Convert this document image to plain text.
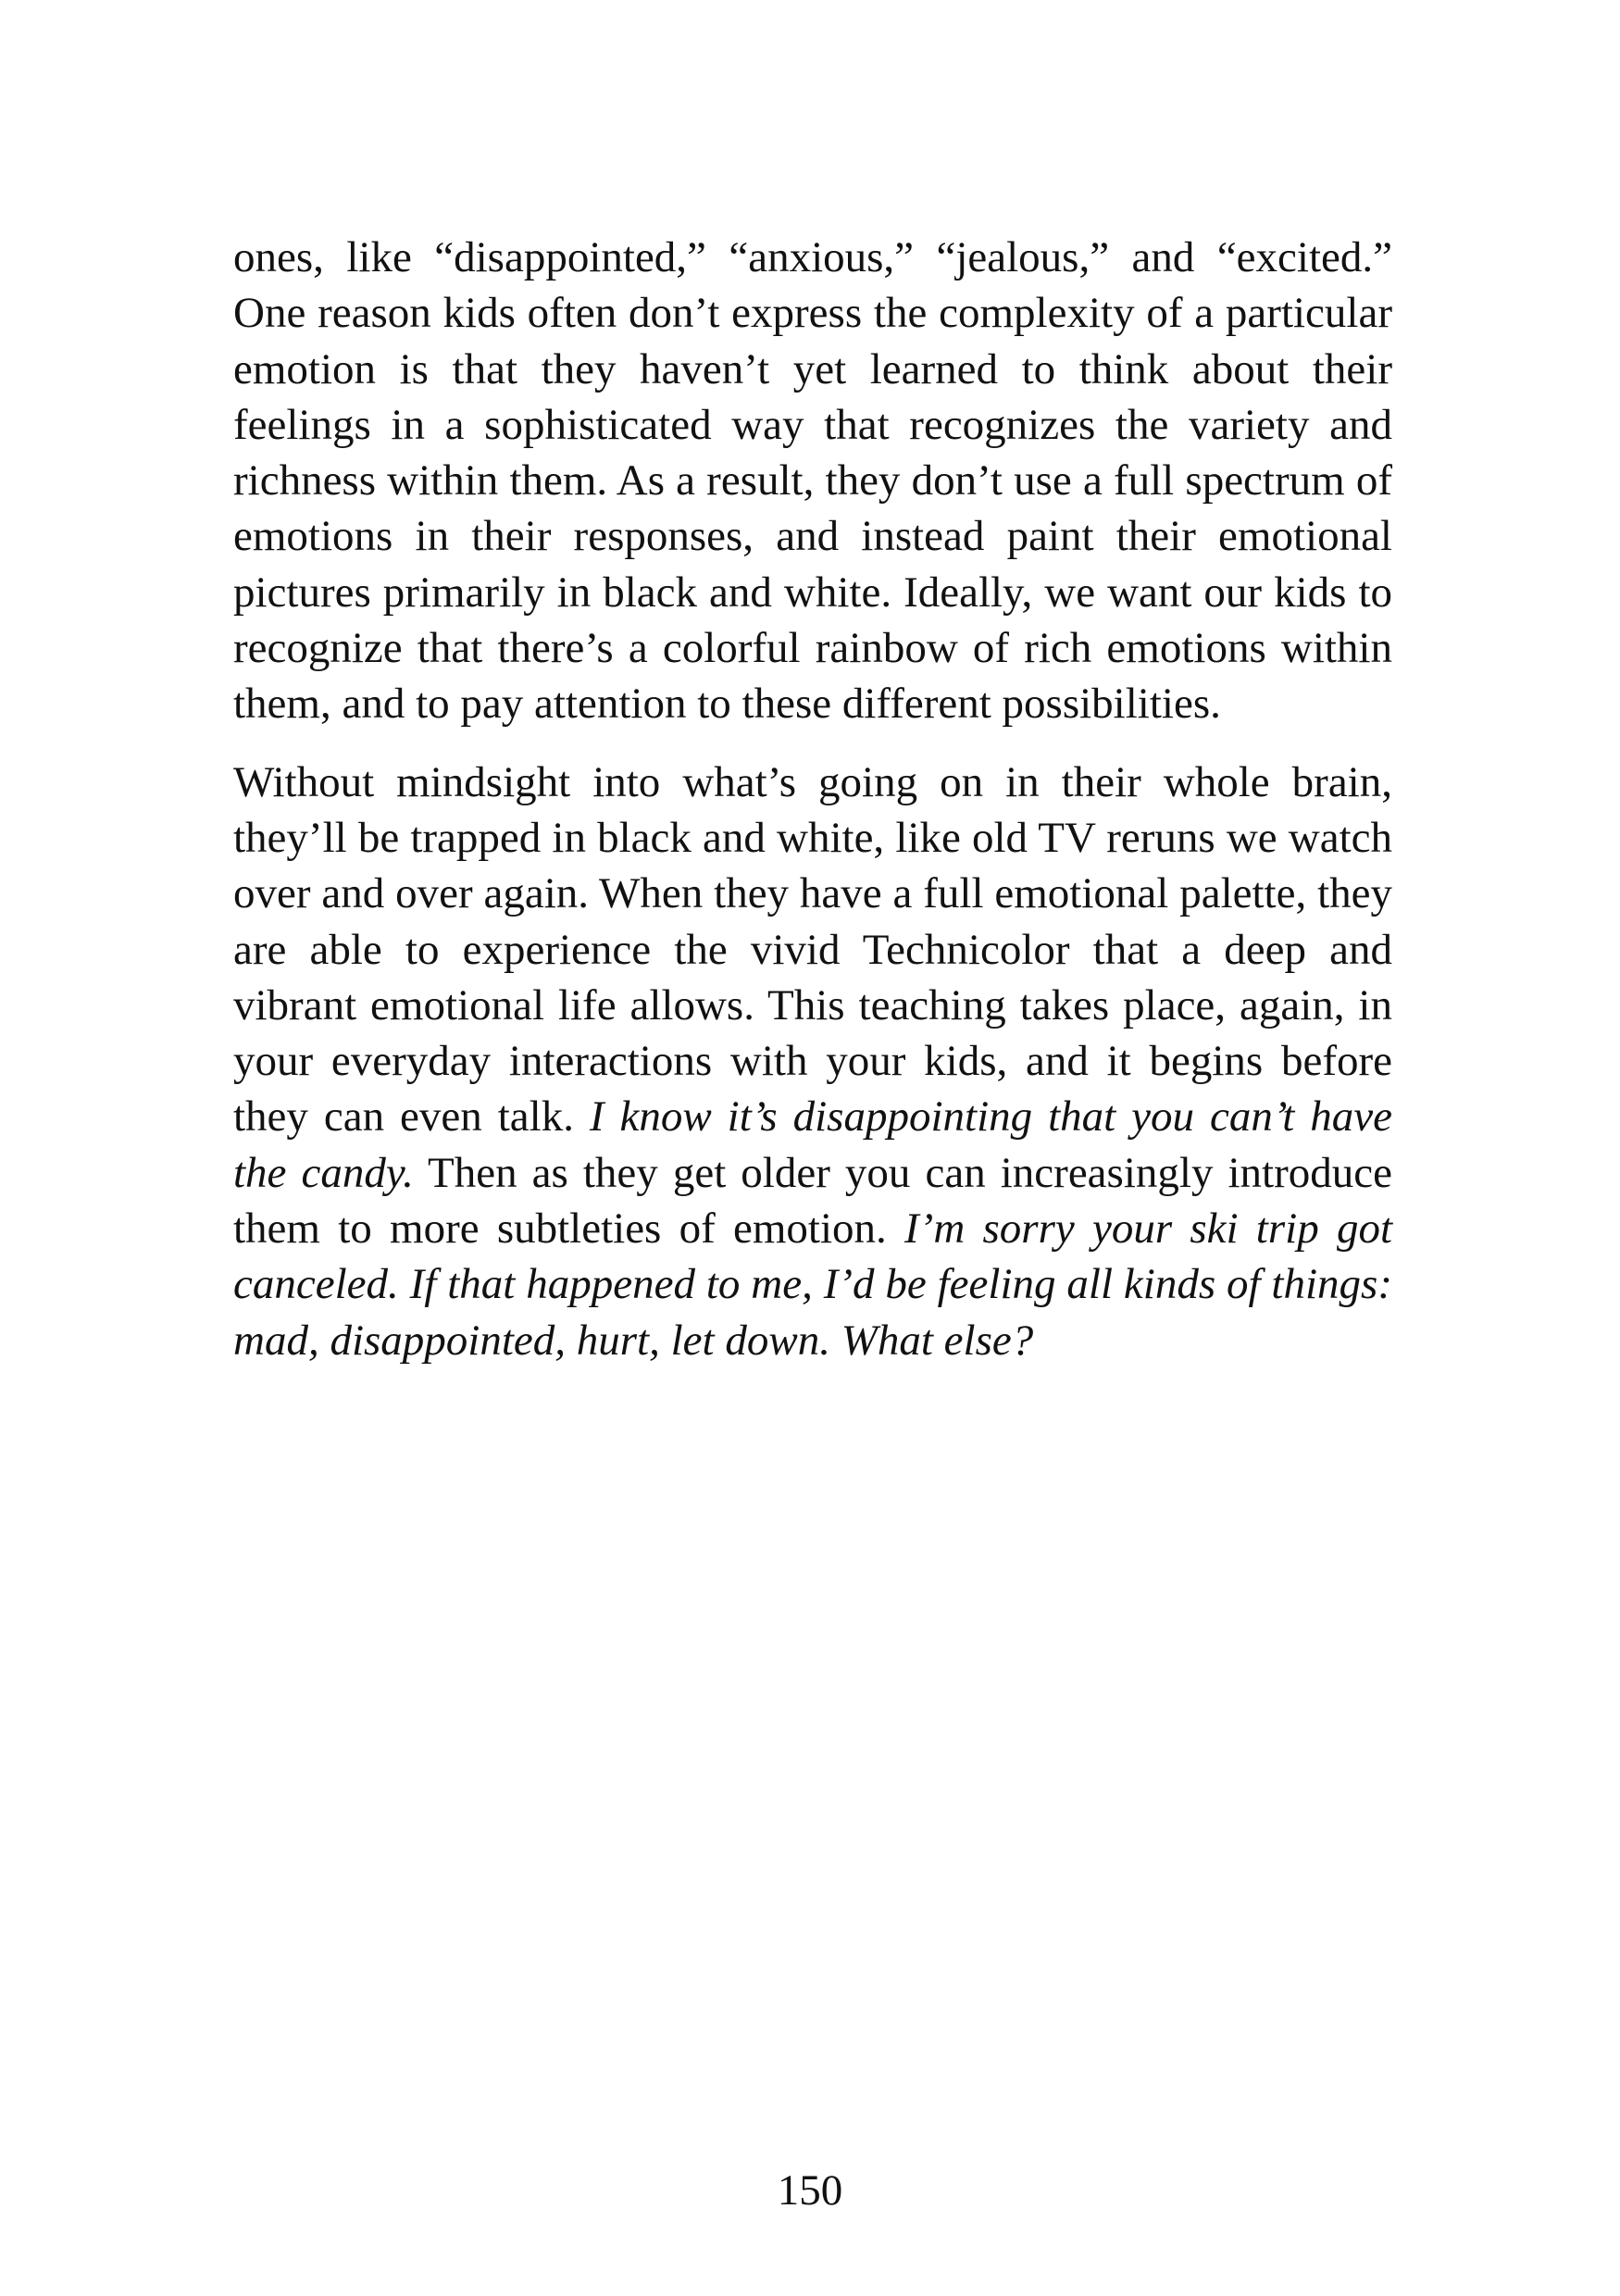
ones, like “disappointed,” “anxious,” “jealous,” and “excited.” One reason kids often don’t express the complexity of a particular emotion is that they haven’t yet learned to think about their feelings in a sophisticated way that recognizes the variety and richness within them. As a result, they don’t use a full spectrum of emotions in their responses, and instead paint their emotional pictures primarily in black and white. Ideally, we want our kids to recognize that there’s a colorful rainbow of rich emotions within them, and to pay attention to these different possibilities.

Without mindsight into what’s going on in their whole brain, they’ll be trapped in black and white, like old TV reruns we watch over and over again. When they have a full emotional palette, they are able to experience the vivid Technicolor that a deep and vibrant emotional life allows. This teaching takes place, again, in your everyday interactions with your kids, and it begins before they can even talk. I know it’s disappointing that you can’t have the candy. Then as they get older you can increasingly introduce them to more subtleties of emotion. I’m sorry your ski trip got canceled. If that happened to me, I’d be feeling all kinds of things: mad, disappointed, hurt, let down. What else?

150
